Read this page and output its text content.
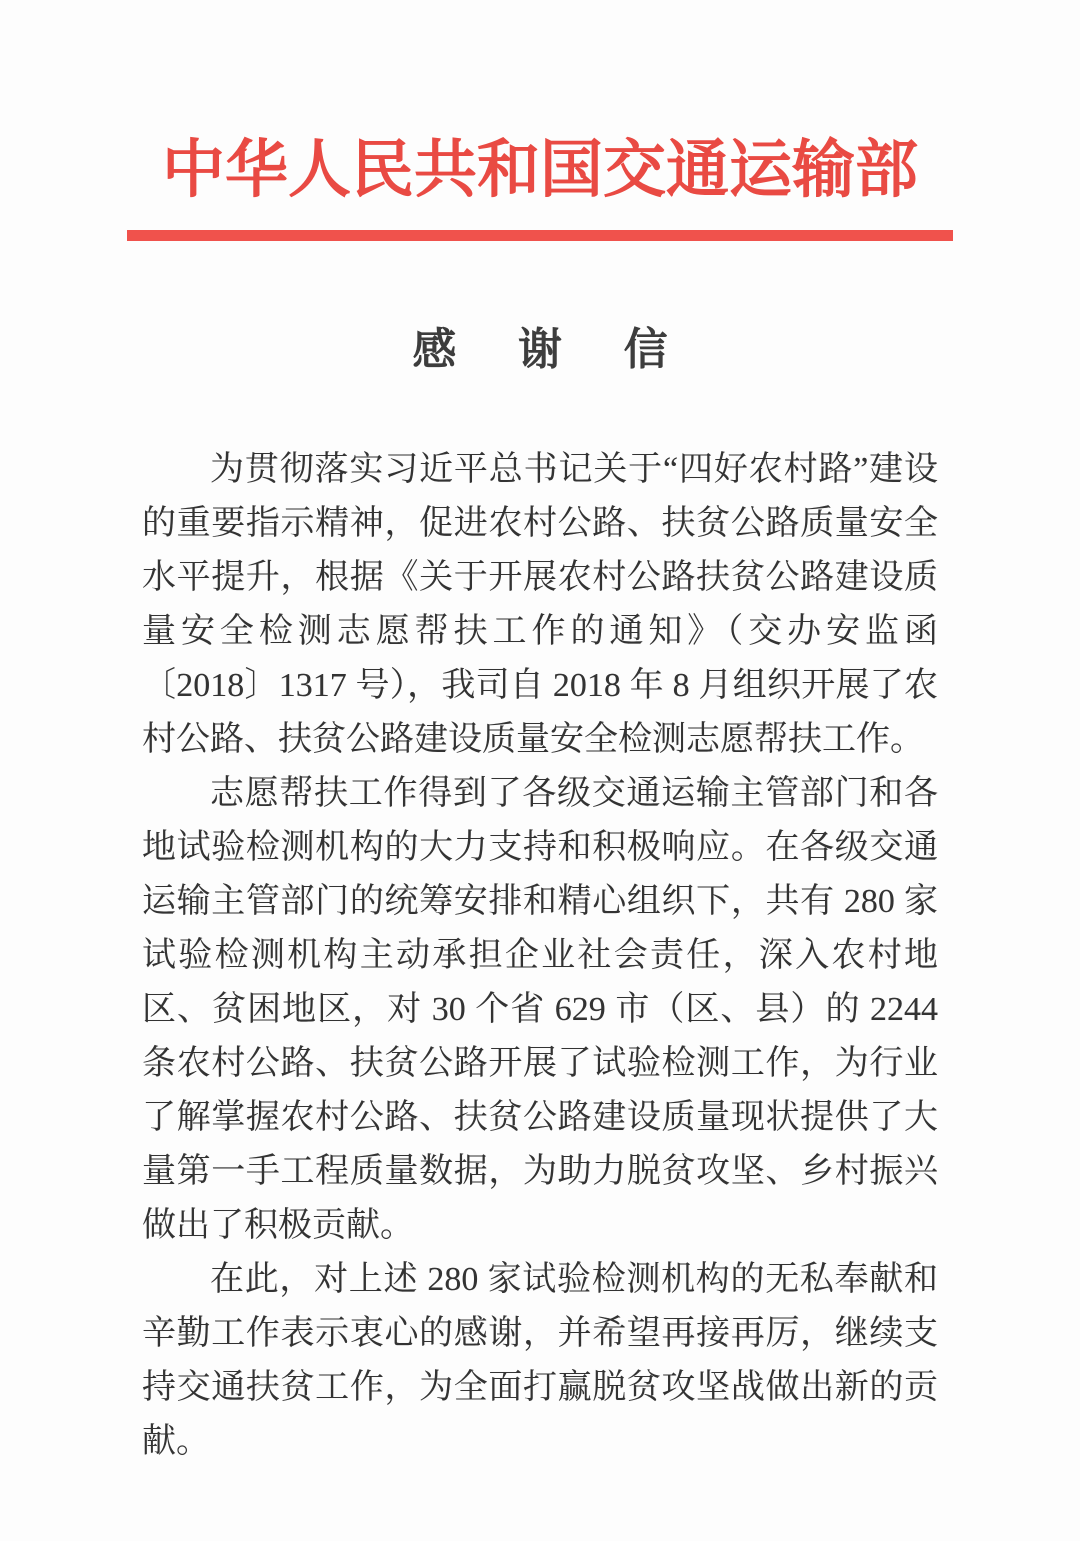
中华人民共和国交通运输部
感谢信

为贯彻落实习近平总书记关于“四好农村路”建设的重要指示精神，促进农村公路、扶贫公路质量安全水平提升，根据《关于开展农村公路扶贫公路建设质量安全检测志愿帮扶工作的通知》（交办安监函〔2018〕1317 号），我司自 2018 年 8 月组织开展了农村公路、扶贫公路建设质量安全检测志愿帮扶工作。

志愿帮扶工作得到了各级交通运输主管部门和各地试验检测机构的大力支持和积极响应。在各级交通运输主管部门的统筹安排和精心组织下，共有 280 家试验检测机构主动承担企业社会责任，深入农村地区、贫困地区，对 30 个省 629 市（区、县）的 2244 条农村公路、扶贫公路开展了试验检测工作，为行业了解掌握农村公路、扶贫公路建设质量现状提供了大量第一手工程质量数据，为助力脱贫攻坚、乡村振兴做出了积极贡献。

在此，对上述 280 家试验检测机构的无私奉献和辛勤工作表示衷心的感谢，并希望再接再厉，继续支持交通扶贫工作，为全面打赢脱贫攻坚战做出新的贡献。
